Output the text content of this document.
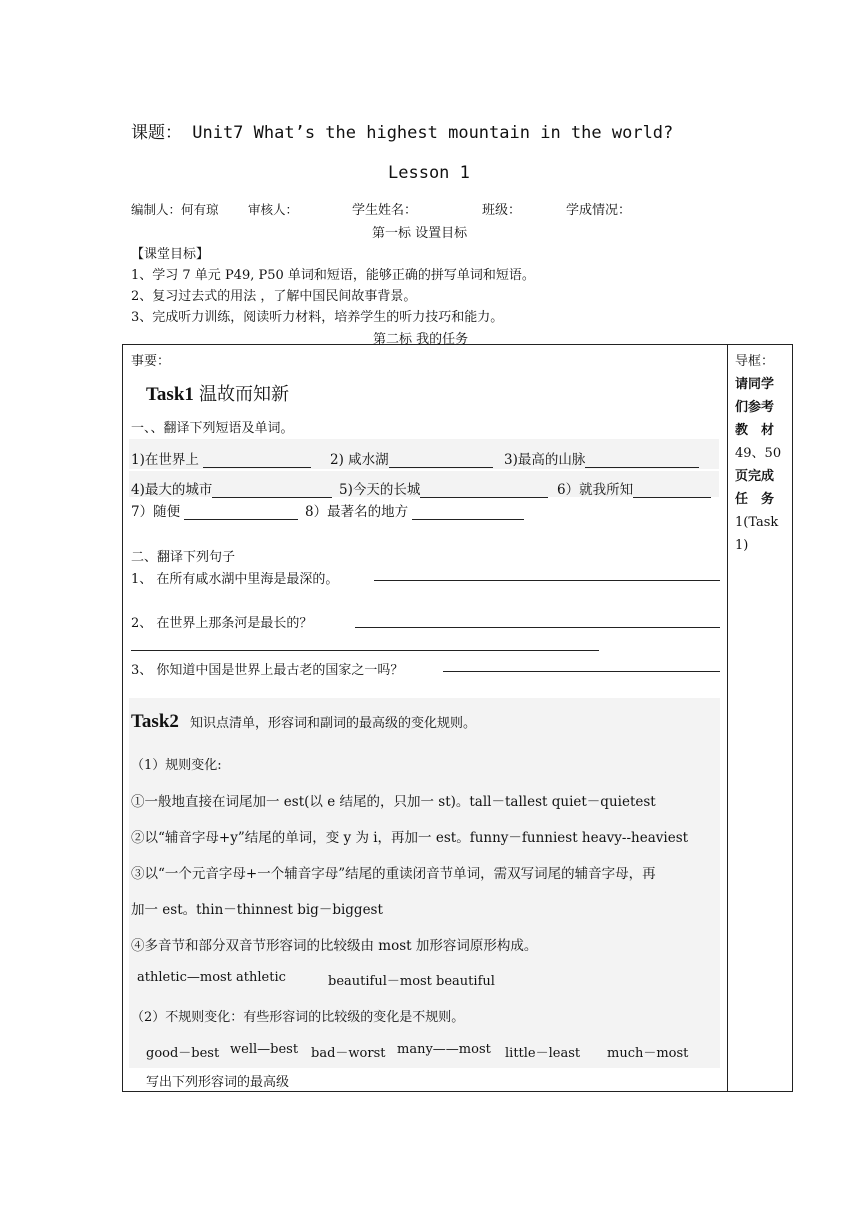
课题： Unit7 What’s the highest mountain in the world?
Lesson 1
编制人：何有琼 审核人：	学生姓名：	班级：	学成情况：
第一标 设置目标
【课堂目标】
1、学习 7 单元 P49, P50 单词和短语，能够正确的拼写单词和短语。
2、复习过去式的用法 ，了解中国民间故事背景。
3、完成听力训练，阅读听力材料，培养学生的听力技巧和能力。
第二标 我的任务
事要：	导框：
请同学
们参考
教　材
49、50
页完成
任　务
1(Task
1)
Task1 温故而知新
一、、翻译下列短语及单词。
1)在世界上	2) 咸水湖	3)最高的山脉
4)最大的城市	5)今天的长城	6）就我所知
7）随便	8）最著名的地方
二、翻译下列句子
1、 在所有咸水湖中里海是最深的。
2、 在世界上那条河是最长的？
3、 你知道中国是世界上最古老的国家之一吗？
Task2 知识点清单，形容词和副词的最高级的变化规则。
（1）规则变化:
①一般地直接在词尾加一 est(以 e 结尾的，只加一 st)。tall－tallest quiet－quietest
②以“辅音字母+y”结尾的单词，变 y 为 i，再加一 est。funny－funniest heavy--heaviest
③以“一个元音字母+一个辅音字母”结尾的重读闭音节单词，需双写词尾的辅音字母，再
加一 est。thin－thinnest big－biggest
④多音节和部分双音节形容词的比较级由 most 加形容词原形构成。
athletic—most athletic	beautiful－most beautiful
（2）不规则变化：有些形容词的比较级的变化是不规则。
good－best well—best bad－worst many——most little－least much－most
写出下列形容词的最高级
